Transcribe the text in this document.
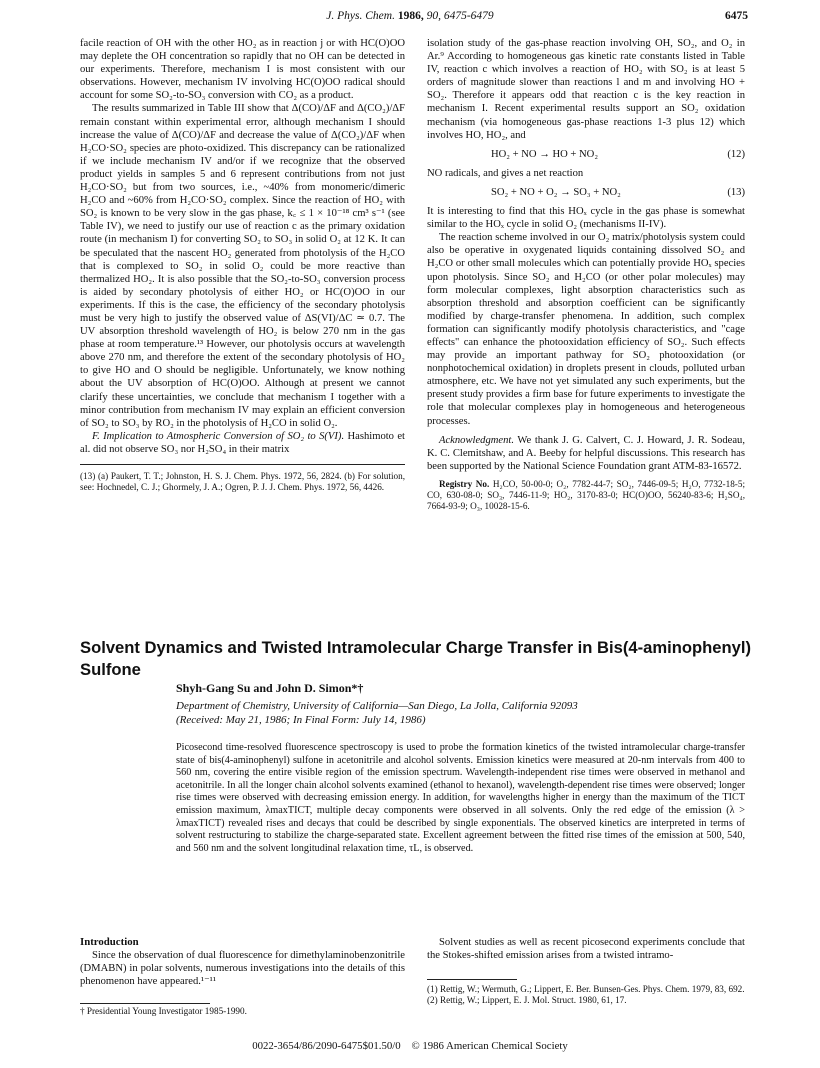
J. Phys. Chem. 1986, 90, 6475-6479	6475

facile reaction of OH with the other HO₂ as in reaction j or with HC(O)OO may deplete the OH concentration so rapidly that no OH can be detected in our experiments. Therefore, mechanism I is most consistent with our observations. However, mechanism IV involving HC(O)OO radical should account for some SO₂-to-SO₃ conversion with CO₂ as a product.

The results summarized in Table III show that Δ(CO)/ΔF and Δ(CO₂)/ΔF remain constant within experimental error, although mechanism I should increase the value of Δ(CO)/ΔF and decrease the value of Δ(CO₂)/ΔF when H₂CO·SO₂ species are photo-oxidized. This discrepancy can be rationalized if we include mechanism IV and/or if we recognize that the observed product yields in samples 5 and 6 represent contributions from not just H₂CO·SO₂ but from two sources, i.e., ~40% from monomeric/dimeric H₂CO and ~60% from H₂CO·SO₂ complex. Since the reaction of HO₂ with SO₂ is known to be very slow in the gas phase, k꜀ ≤ 1 × 10⁻¹⁸ cm³ s⁻¹ (see Table IV), we need to justify our use of reaction c as the primary oxidation route (in mechanism I) for converting SO₂ to SO₃ in solid O₂ at 12 K. It can be speculated that the nascent HO₂ generated from photolysis of the H₂CO that is complexed to SO₂ in solid O₂ could be more reactive than thermalized HO₂. It is also possible that the SO₂-to-SO₃ conversion process is aided by secondary photolysis of either HO₂ or HC(O)OO in our experiments. If this is the case, the efficiency of the secondary photolysis must be very high to justify the observed value of ΔS(VI)/ΔC ≃ 0.7. The UV absorption threshold wavelength of HO₂ is below 270 nm in the gas phase at room temperature.¹³ However, our photolysis occurs at wavelength above 270 nm, and therefore the extent of the secondary photolysis of HO₂ to give HO and O should be negligible. Unfortunately, we know nothing about the UV absorption of HC(O)OO. Although at present we cannot clarify these uncertainties, we conclude that mechanism I together with a minor contribution from mechanism IV may explain an efficient conversion of SO₂ to SO₃ by RO₂ in the photolysis of H₂CO in solid O₂.

F. Implication to Atmospheric Conversion of SO₂ to S(VI). Hashimoto et al. did not observe SO₃ nor H₂SO₄ in their matrix

(13) (a) Paukert, T. T.; Johnston, H. S. J. Chem. Phys. 1972, 56, 2824. (b) For solution, see: Hochnedel, C. J.; Ghormely, J. A.; Ogren, P. J. J. Chem. Phys. 1972, 56, 4426.

isolation study of the gas-phase reaction involving OH, SO₂, and O₂ in Ar.⁹ According to homogeneous gas kinetic rate constants listed in Table IV, reaction c which involves a reaction of HO₂ with SO₂ is at least 5 orders of magnitude slower than reactions l and m and involving HO + SO₂. Therefore it appears odd that reaction c is the key reaction in mechanism I. Recent experimental results support an SO₂ oxidation mechanism (via homogeneous gas-phase reactions 1-3 plus 12) which involves HO, HO₂, and

HO₂ + NO → HO + NO₂	(12)

NO radicals, and gives a net reaction

SO₂ + NO + O₂ → SO₃ + NO₂	(13)

It is interesting to find that this HOₓ cycle in the gas phase is somewhat similar to the HOₓ cycle in solid O₂ (mechanisms II-IV).

The reaction scheme involved in our O₂ matrix/photolysis system could also be operative in oxygenated liquids containing dissolved SO₂ and H₂CO or other small molecules which can potentially provide HOₓ species upon photolysis. Since SO₂ and H₂CO (or other polar molecules) may form molecular complexes, light absorption characteristics such as absorption threshold and absorption coefficient can be significantly modified by charge-transfer phenomena. In addition, such complex formation can significantly modify photolysis characteristics, and "cage effects" can enhance the photooxidation efficiency of SO₂. Such effects may provide an important pathway for SO₂ photooxidation (or nonphotochemical oxidation) in droplets present in clouds, polluted urban atmosphere, etc. We have not yet simulated any such experiments, but the present study provides a firm base for future experiments to investigate the role that molecular complexes play in homogeneous and heterogeneous processes.

Acknowledgment. We thank J. G. Calvert, C. J. Howard, J. R. Sodeau, K. C. Clemitshaw, and A. Beeby for helpful discussions. This research has been supported by the National Science Foundation grant ATM-83-16572.

Registry No. H₂CO, 50-00-0; O₂, 7782-44-7; SO₂, 7446-09-5; H₂O, 7732-18-5; CO, 630-08-0; SO₃, 7446-11-9; HO₂, 3170-83-0; HC(O)OO, 56240-83-6; H₂SO₄, 7664-93-9; O₃, 10028-15-6.

Solvent Dynamics and Twisted Intramolecular Charge Transfer in Bis(4-aminophenyl) Sulfone
Shyh-Gang Su and John D. Simon*†
Department of Chemistry, University of California—San Diego, La Jolla, California 92093
(Received: May 21, 1986; In Final Form: July 14, 1986)
Picosecond time-resolved fluorescence spectroscopy is used to probe the formation kinetics of the twisted intramolecular charge-transfer state of bis(4-aminophenyl) sulfone in acetonitrile and alcohol solvents. Emission kinetics were measured at 20-nm intervals from 400 to 560 nm, covering the entire visible region of the emission spectrum. Wavelength-independent rise times were observed in methanol and acetonitrile. In all the longer chain alcohol solvents examined (ethanol to hexanol), wavelength-dependent rise times were observed; longer rise times were observed with decreasing emission energy. In addition, for wavelengths higher in energy than the maximum of the TICT emission maximum, λmaxTICT, multiple decay components were observed in all solvents. Only the red edge of the emission (λ > λmaxTICT) revealed rises and decays that could be described by single exponentials. The observed kinetics are interpreted in terms of solvent restructuring to stabilize the charge-separated state. Excellent agreement between the fitted rise times of the emission at 500, 540, and 560 nm and the solvent longitudinal relaxation time, τL, is observed.
Introduction

Since the observation of dual fluorescence for dimethylaminobenzonitrile (DMABN) in polar solvents, numerous investigations into the details of this phenomenon have appeared.¹⁻¹¹

Solvent studies as well as recent picosecond experiments conclude that the Stokes-shifted emission arises from a twisted intramo-

† Presidential Young Investigator 1985-1990.
(1) Rettig, W.; Wermuth, G.; Lippert, E. Ber. Bunsen-Ges. Phys. Chem. 1979, 83, 692.
(2) Rettig, W.; Lippert, E. J. Mol. Struct. 1980, 61, 17.
0022-3654/86/2090-6475$01.50/0 © 1986 American Chemical Society
